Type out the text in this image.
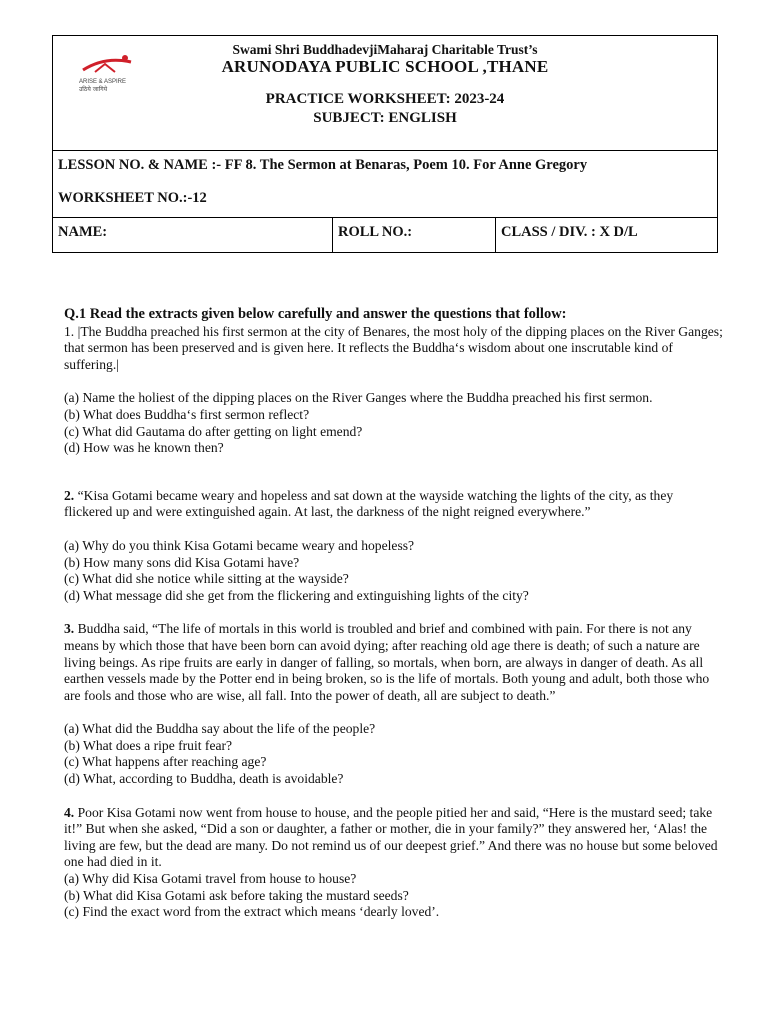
ARISE & ASPIRE
उठिये जागिये
Swami Shri BuddhadevjiMaharaj Charitable Trust’s
ARUNODAYA PUBLIC SCHOOL ,THANE
PRACTICE WORKSHEET: 2023-24
SUBJECT: ENGLISH
LESSON NO. & NAME :- FF 8. The Sermon at Benaras, Poem 10. For Anne Gregory
WORKSHEET NO.:-12
NAME:	ROLL NO.:	CLASS / DIV. : X D/L
Q.1 Read the extracts given below carefully and answer the questions that follow:

1. |The Buddha preached his first sermon at the city of Benares, the most holy of the dipping places on the River Ganges; that sermon has been preserved and is given here. It reflects the Buddha‘s wisdom about one inscrutable kind of suffering.|

(a) Name the holiest of the dipping places on the River Ganges where the Buddha preached his first sermon.

(b) What does Buddha‘s first sermon reflect?

(c) What did Gautama do after getting on light emend?

(d) How was he known then?

2. “Kisa Gotami became weary and hopeless and sat down at the wayside watching the lights of the city, as they flickered up and were extinguished again. At last, the darkness of the night reigned everywhere.”

(a) Why do you think Kisa Gotami became weary and hopeless?

(b) How many sons did Kisa Gotami have?

(c) What did she notice while sitting at the wayside?

(d) What message did she get from the flickering and extinguishing lights of the city?

3. Buddha said, “The life of mortals in this world is troubled and brief and combined with pain. For there is not any means by which those that have been born can avoid dying; after reaching old age there is death; of such a nature are living beings. As ripe fruits are early in danger of falling, so mortals, when born, are always in danger of death. As all earthen vessels made by the Potter end in being broken, so is the life of mortals. Both young and adult, both those who are fools and those who are wise, all fall. Into the power of death, all are subject to death.”

(a) What did the Buddha say about the life of the people?

(b) What does a ripe fruit fear?

(c) What happens after reaching age?

(d) What, according to Buddha, death is avoidable?

4. Poor Kisa Gotami now went from house to house, and the people pitied her and said, “Here is the mustard seed; take it!” But when she asked, “Did a son or daughter, a father or mother, die in your family?” they answered her, ‘Alas! the living are few, but the dead are many. Do not remind us of our deepest grief.” And there was no house but some beloved one had died in it.

(a) Why did Kisa Gotami travel from house to house?

(b) What did Kisa Gotami ask before taking the mustard seeds?

(c) Find the exact word from the extract which means ‘dearly loved’.
